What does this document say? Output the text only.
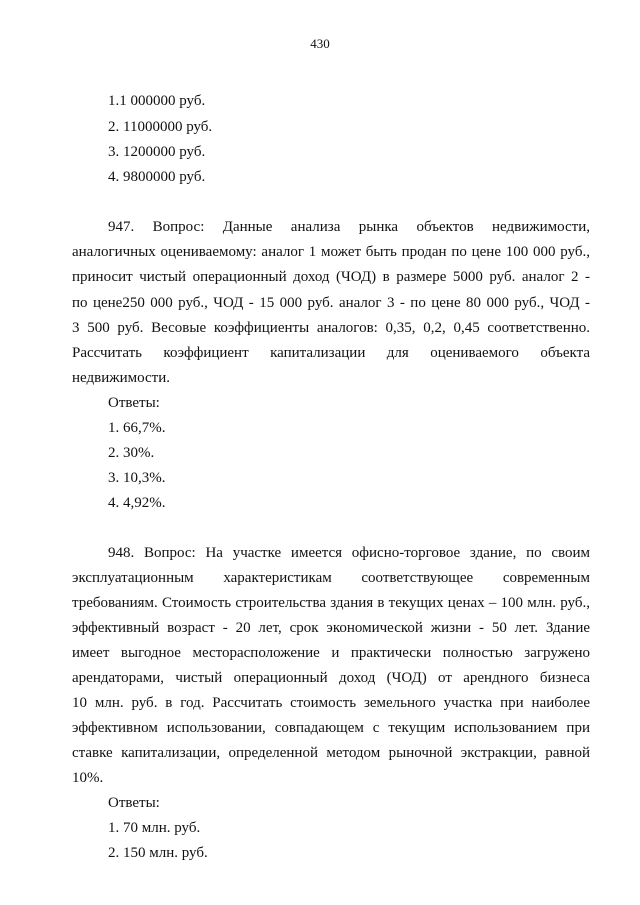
430
1.1 000000 руб.
2. 11000000 руб.
3. 1200000 руб.
4. 9800000 руб.
947. Вопрос: Данные анализа рынка объектов недвижимости,
аналогичных оцениваемому: аналог 1 может быть продан по цене 100 000 руб.,
приносит чистый операционный доход (ЧОД) в размере 5000 руб. аналог 2 -
по цене250 000 руб., ЧОД - 15 000 руб. аналог 3 - по цене 80 000 руб., ЧОД -
3 500 руб. Весовые коэффициенты аналогов: 0,35, 0,2, 0,45 соответственно.
Рассчитать коэффициент капитализации для оцениваемого объекта
недвижимости.
Ответы:
1. 66,7%.
2. 30%.
3. 10,3%.
4. 4,92%.
948. Вопрос: На участке имеется офисно-торговое здание, по своим
эксплуатационным характеристикам соответствующее современным
требованиям. Стоимость строительства здания в текущих ценах – 100 млн. руб.,
эффективный возраст - 20 лет, срок экономической жизни - 50 лет. Здание
имеет выгодное месторасположение и практически полностью загружено
арендаторами, чистый операционный доход (ЧОД) от арендного бизнеса
10 млн. руб. в год. Рассчитать стоимость земельного участка при наиболее
эффективном использовании, совпадающем с текущим использованием при
ставке капитализации, определенной методом рыночной экстракции, равной
10%.
Ответы:
1. 70 млн. руб.
2. 150 млн. руб.
